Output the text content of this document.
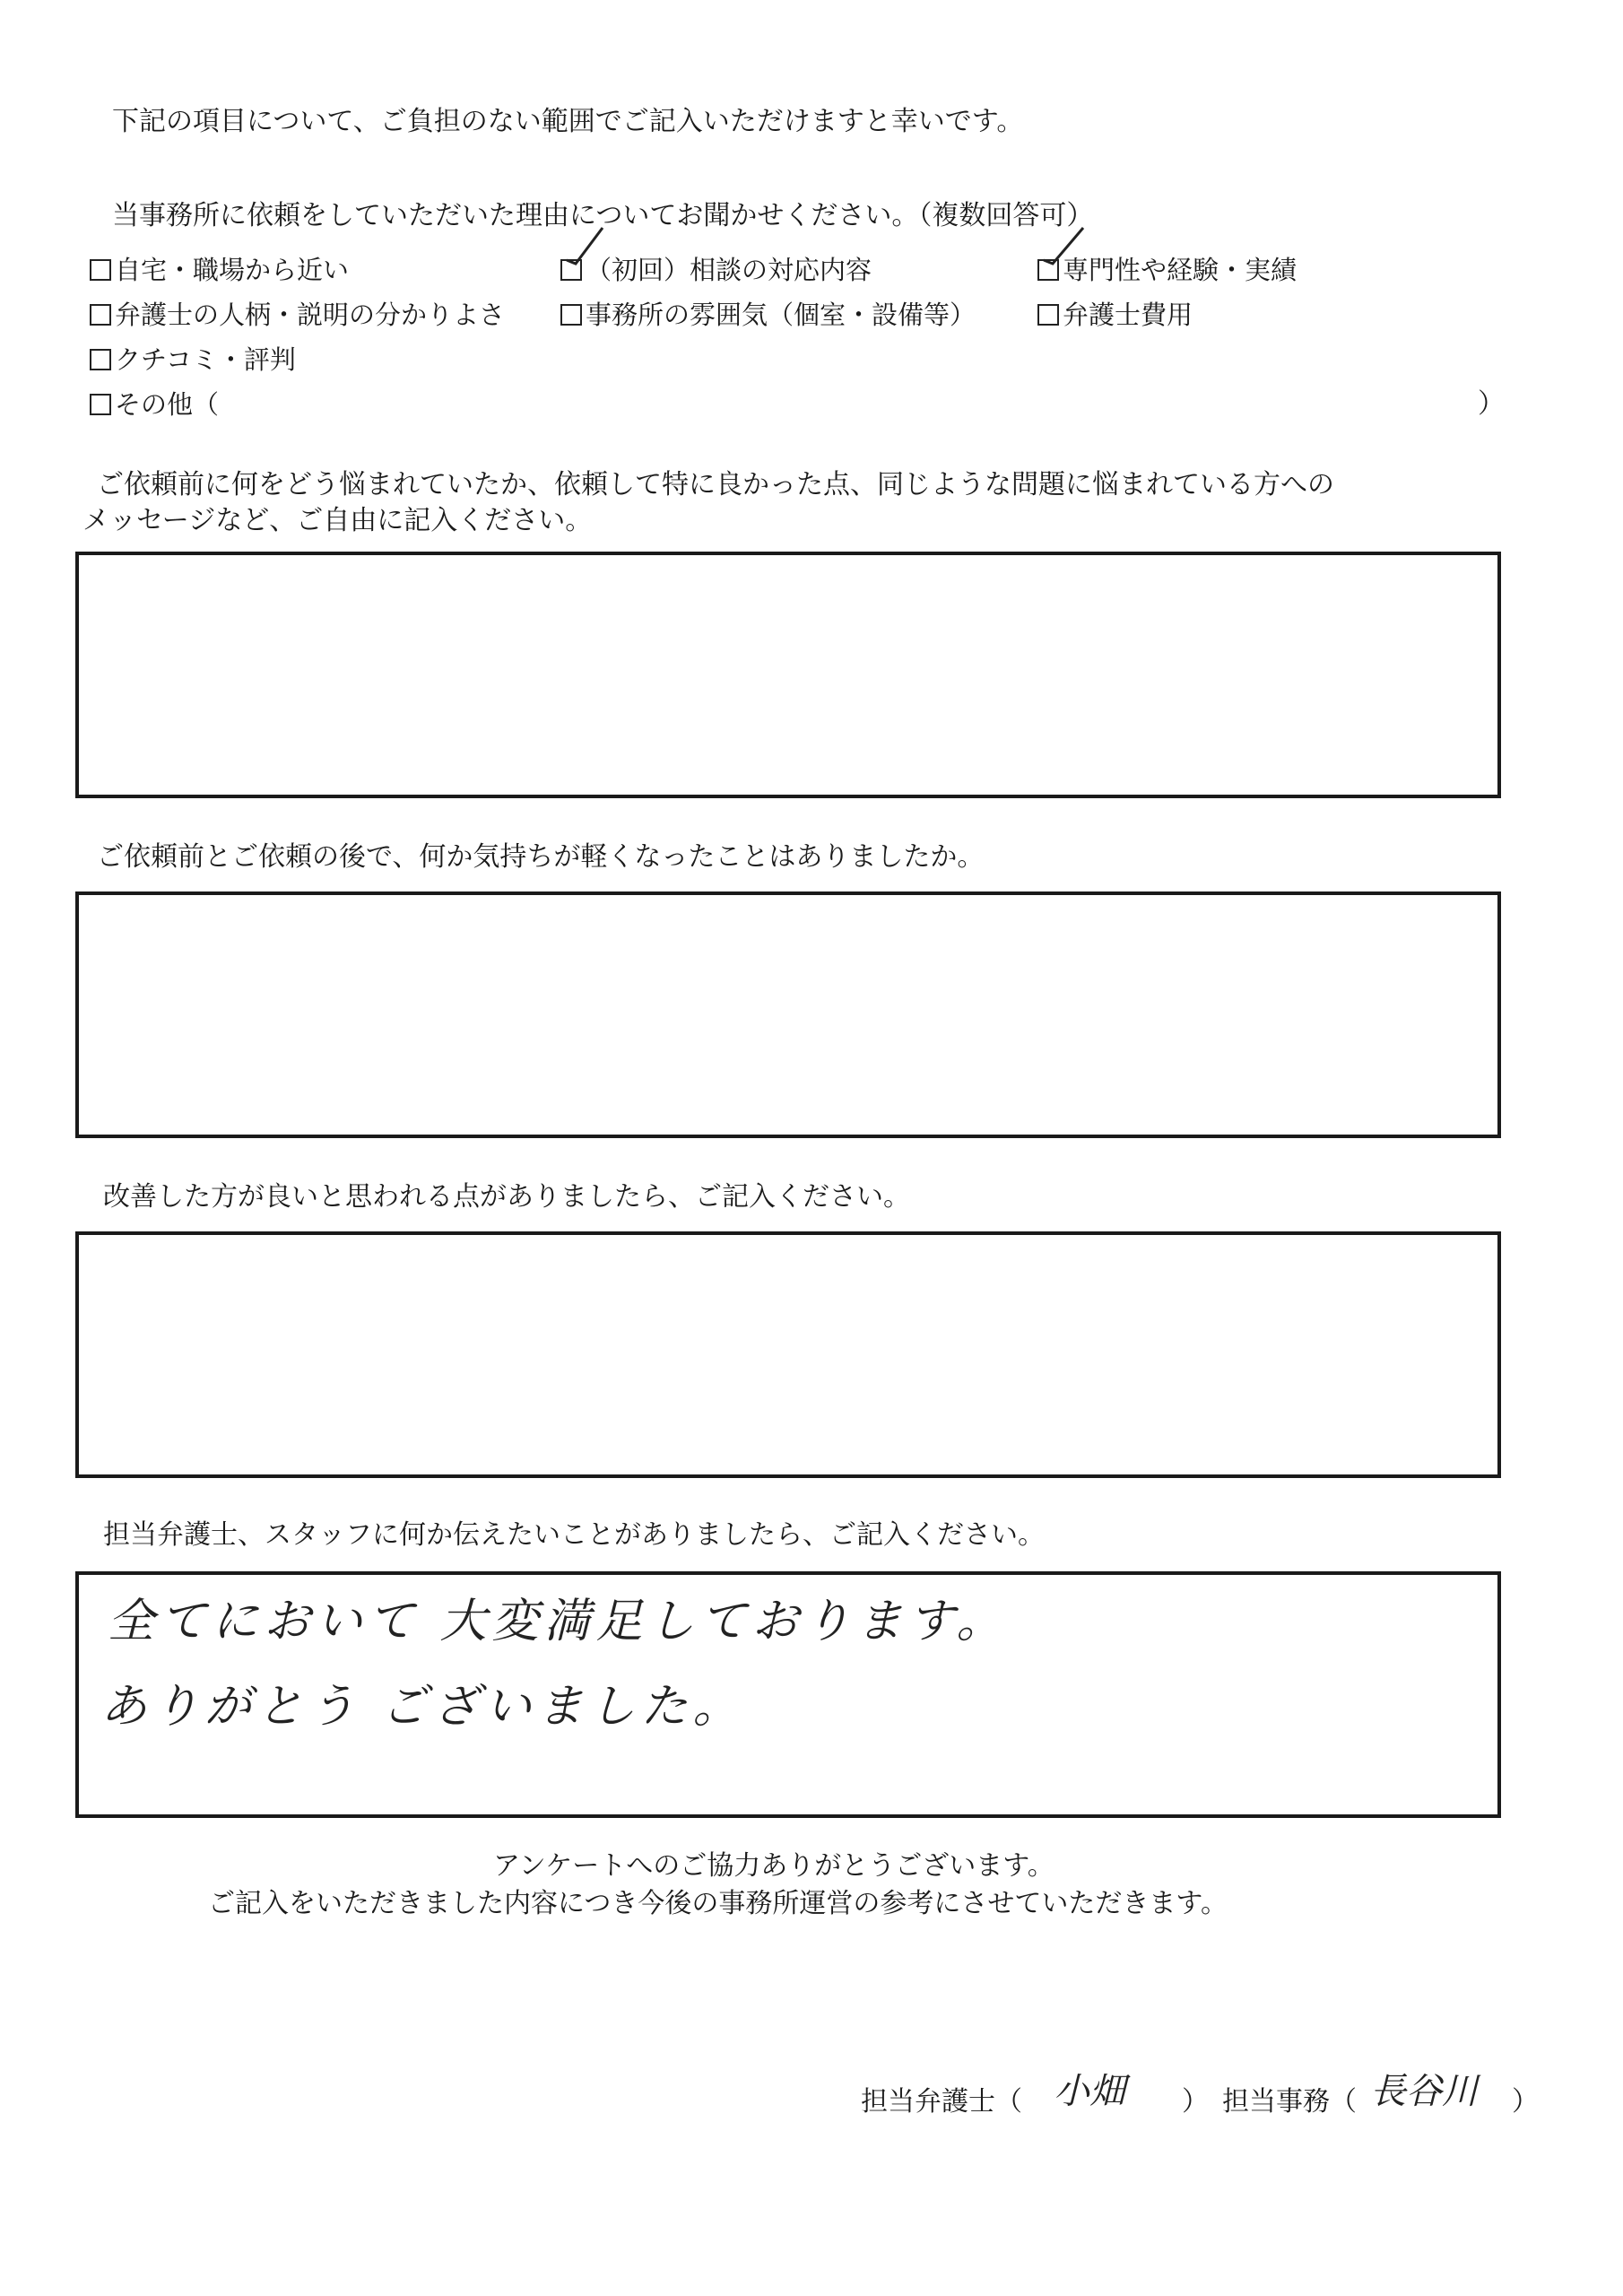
下記の項目について、ご負担のない範囲でご記入いただけますと幸いです。
当事務所に依頼をしていただいた理由についてお聞かせください。（複数回答可）
自宅・職場から近い	（初回）相談の対応内容	専門性や経験・実績
弁護士の人柄・説明の分かりよさ	事務所の雰囲気（個室・設備等）	弁護士費用
クチコミ・評判
その他（	）
ご依頼前に何をどう悩まれていたか、依頼して特に良かった点、同じような問題に悩まれている方への
メッセージなど、ご自由に記入ください。
ご依頼前とご依頼の後で、何か気持ちが軽くなったことはありましたか。
改善した方が良いと思われる点がありましたら、ご記入ください。
担当弁護士、スタッフに何か伝えたいことがありましたら、ご記入ください。
全てにおいて 大変満足しております。
ありがとう ございました。
アンケートへのご協力ありがとうございます。
ご記入をいただきました内容につき今後の事務所運営の参考にさせていただきます。
担当弁護士（ 小畑 ） 担当事務（ 長谷川 ）
